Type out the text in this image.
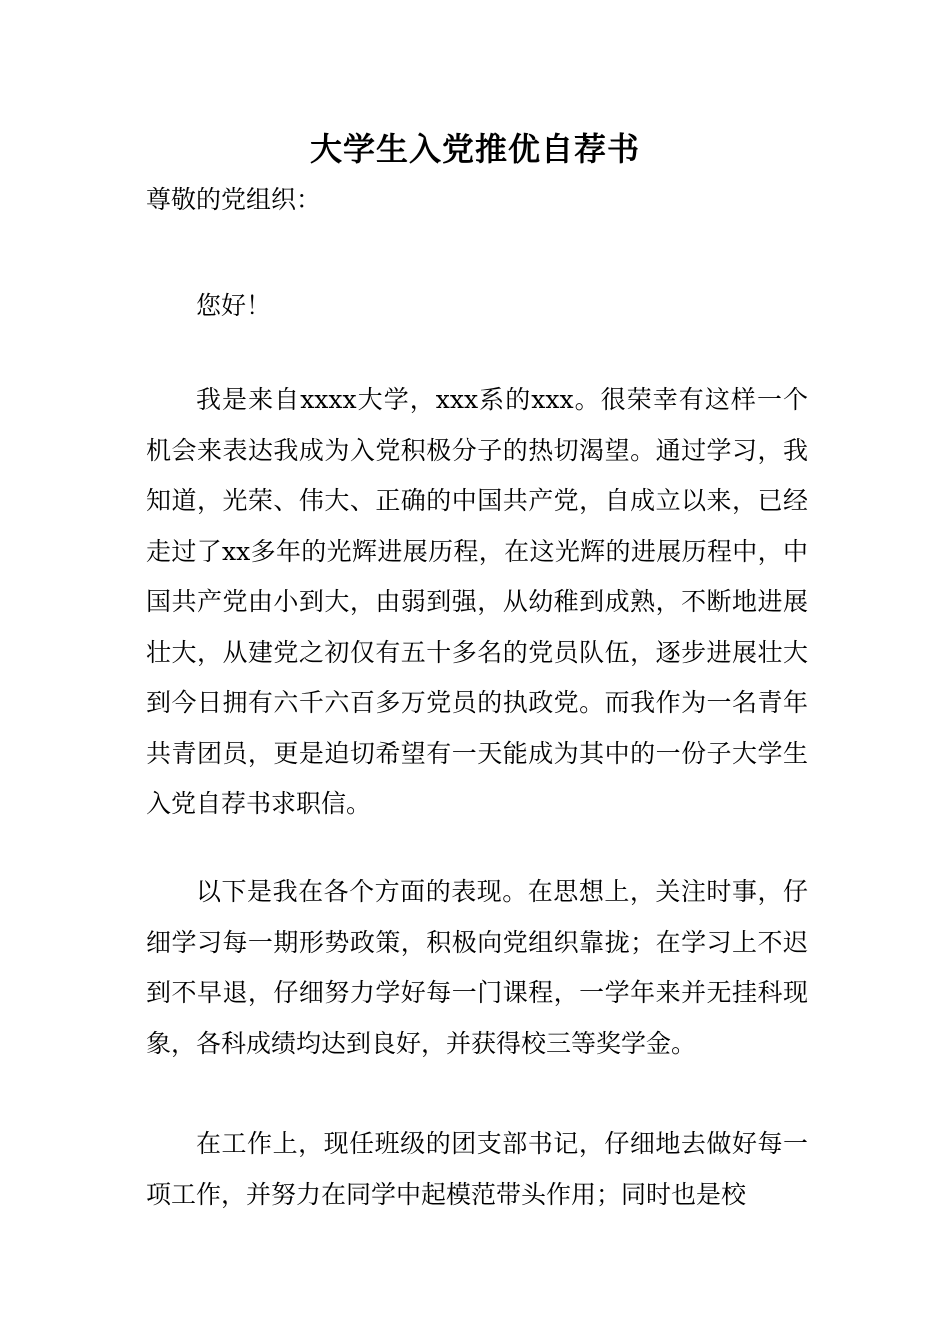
大学生入党推优自荐书
尊敬的党组织：

您好！

我是来自xxxx大学，xxx系的xxx。很荣幸有这样一个机会来表达我成为入党积极分子的热切渴望。通过学习，我知道，光荣、伟大、正确的中国共产党，自成立以来，已经走过了xx多年的光辉进展历程，在这光辉的进展历程中，中国共产党由小到大，由弱到强，从幼稚到成熟，不断地进展壮大，从建党之初仅有五十多名的党员队伍，逐步进展壮大到今日拥有六千六百多万党员的执政党。而我作为一名青年共青团员，更是迫切希望有一天能成为其中的一份子大学生入党自荐书求职信。

以下是我在各个方面的表现。在思想上，关注时事，仔细学习每一期形势政策，积极向党组织靠拢；在学习上不迟到不早退，仔细努力学好每一门课程，一学年来并无挂科现象，各科成绩均达到良好，并获得校三等奖学金。

在工作上，现任班级的团支部书记，仔细地去做好每一项工作，并努力在同学中起模范带头作用；同时也是校
